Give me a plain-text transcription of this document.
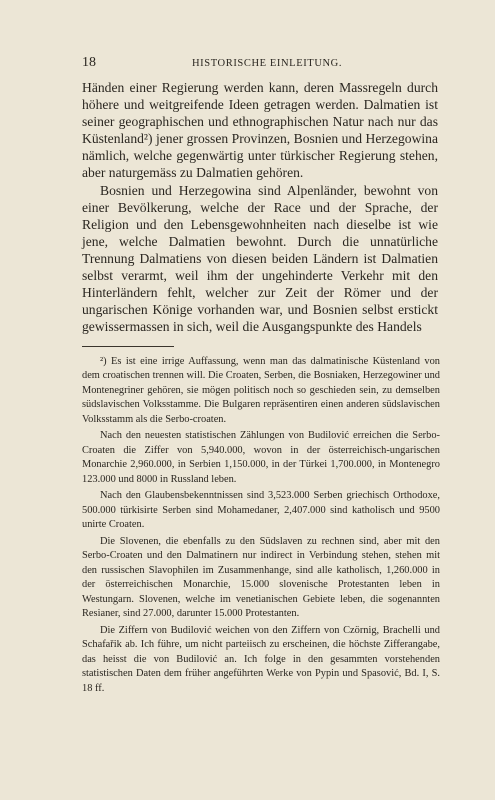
18	HISTORISCHE EINLEITUNG.

Händen einer Regierung werden kann, deren Massregeln durch höhere und weitgreifende Ideen getragen werden. Dalmatien ist seiner geographischen und ethnographischen Natur nach nur das Küstenland²) jener grossen Provinzen, Bosnien und Herzegowina nämlich, welche gegenwärtig unter türkischer Regierung stehen, aber naturgemäss zu Dalmatien gehören.

Bosnien und Herzegowina sind Alpenländer, bewohnt von einer Bevölkerung, welche der Race und der Sprache, der Religion und den Lebensgewohnheiten nach dieselbe ist wie jene, welche Dalmatien bewohnt. Durch die unnatürliche Trennung Dalmatiens von diesen beiden Ländern ist Dalmatien selbst verarmt, weil ihm der ungehinderte Verkehr mit den Hinterländern fehlt, welcher zur Zeit der Römer und der ungarischen Könige vorhanden war, und Bosnien selbst erstickt gewissermassen in sich, weil die Ausgangspunkte des Handels

²) Es ist eine irrige Auffassung, wenn man das dalmatinische Küstenland von dem croatischen trennen will. Die Croaten, Serben, die Bosniaken, Herzegowiner und Montenegriner gehören, sie mögen politisch noch so geschieden sein, zu demselben südslavischen Volksstamme. Die Bulgaren repräsentiren einen anderen südslavischen Volksstamm als die Serbo-croaten.

Nach den neuesten statistischen Zählungen von Budilović erreichen die Serbo-Croaten die Ziffer von 5,940.000, wovon in der österreichisch-ungarischen Monarchie 2,960.000, in Serbien 1,150.000, in der Türkei 1,700.000, in Montenegro 123.000 und 8000 in Russland leben.

Nach den Glaubensbekenntnissen sind 3,523.000 Serben griechisch Orthodoxe, 500.000 türkisirte Serben sind Mohamedaner, 2,407.000 sind katholisch und 9500 unirte Croaten.

Die Slovenen, die ebenfalls zu den Südslaven zu rechnen sind, aber mit den Serbo-Croaten und den Dalmatinern nur indirect in Verbindung stehen, stehen mit den russischen Slavophilen im Zusammenhange, sind alle katholisch, 1,260.000 in der österreichischen Monarchie, 15.000 slovenische Protestanten leben in Westungarn. Slovenen, welche im venetianischen Gebiete leben, die sogenannten Resianer, sind 27.000, darunter 15.000 Protestanten.

Die Ziffern von Budilović weichen von den Ziffern von Czörnig, Brachelli und Schafařik ab. Ich führe, um nicht parteiisch zu erscheinen, die höchste Zifferangabe, das heisst die von Budilović an. Ich folge in den gesammten vorstehenden statistischen Daten dem früher angeführten Werke von Pypin und Spasović, Bd. I, S. 18 ff.
